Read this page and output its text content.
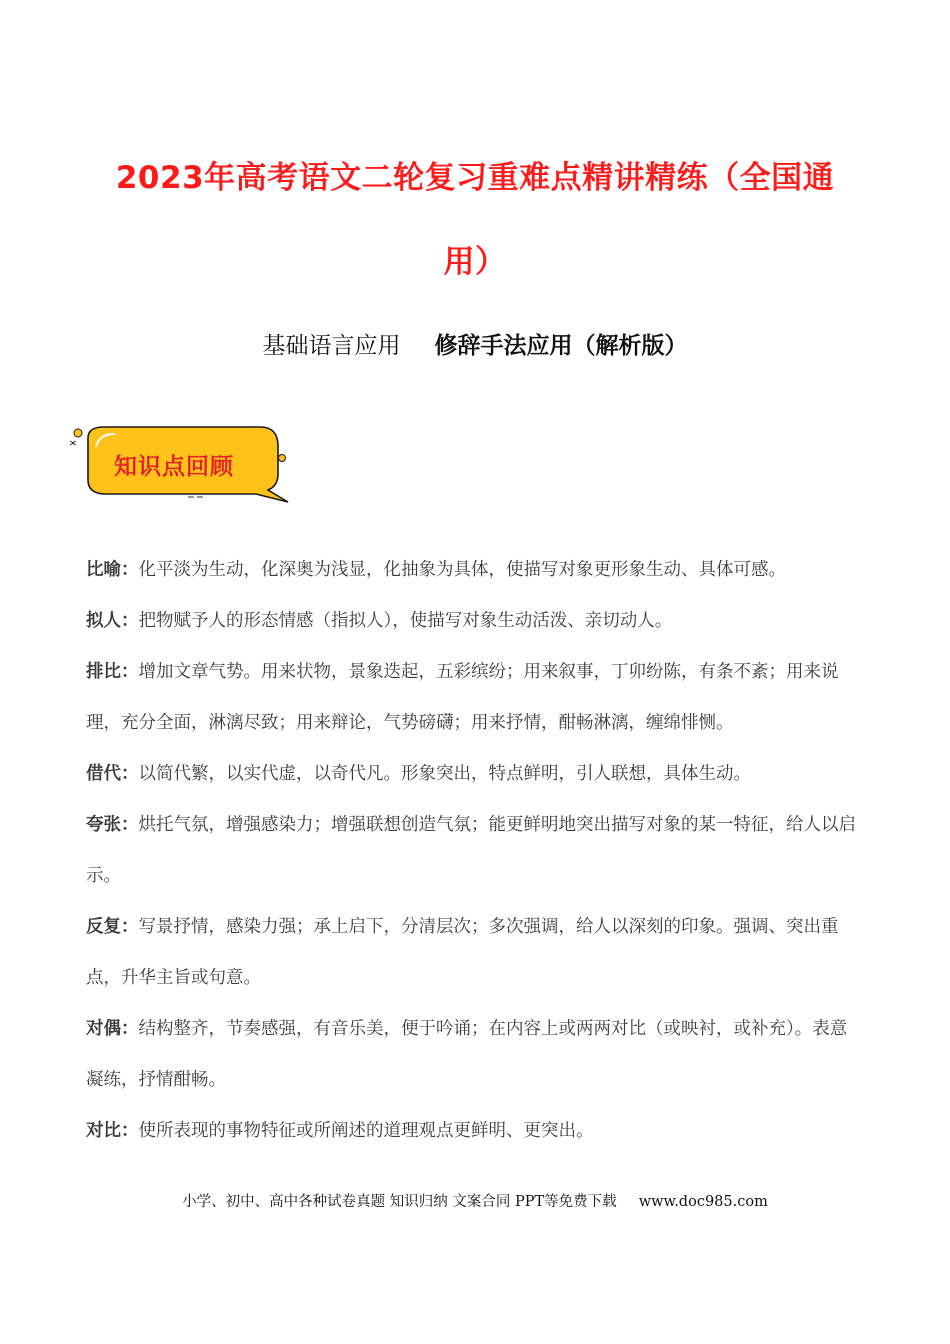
2023年高考语文二轮复习重难点精讲精练（全国通用）
基础语言应用 修辞手法应用（解析版）
知识点回顾

比喻：化平淡为生动，化深奥为浅显，化抽象为具体，使描写对象更形象生动、具体可感。

拟人：把物赋予人的形态情感（指拟人），使描写对象生动活泼、亲切动人。

排比：增加文章气势。用来状物，景象迭起，五彩缤纷；用来叙事，丁卯纷陈，有条不紊；用来说理，充分全面，淋漓尽致；用来辩论，气势磅礴；用来抒情，酣畅淋漓，缠绵悱恻。

借代：以简代繁，以实代虚，以奇代凡。形象突出，特点鲜明，引人联想，具体生动。

夸张：烘托气氛，增强感染力；增强联想创造气氛；能更鲜明地突出描写对象的某一特征，给人以启示。

反复：写景抒情，感染力强；承上启下，分清层次；多次强调，给人以深刻的印象。强调、突出重点，升华主旨或句意。

对偶：结构整齐，节奏感强，有音乐美，便于吟诵；在内容上或两两对比（或映衬，或补充）。表意凝练，抒情酣畅。

对比：使所表现的事物特征或所阐述的道理观点更鲜明、更突出。

小学、初中、高中各种试卷真题 知识归纳 文案合同 PPT等免费下载 www.doc985.com
